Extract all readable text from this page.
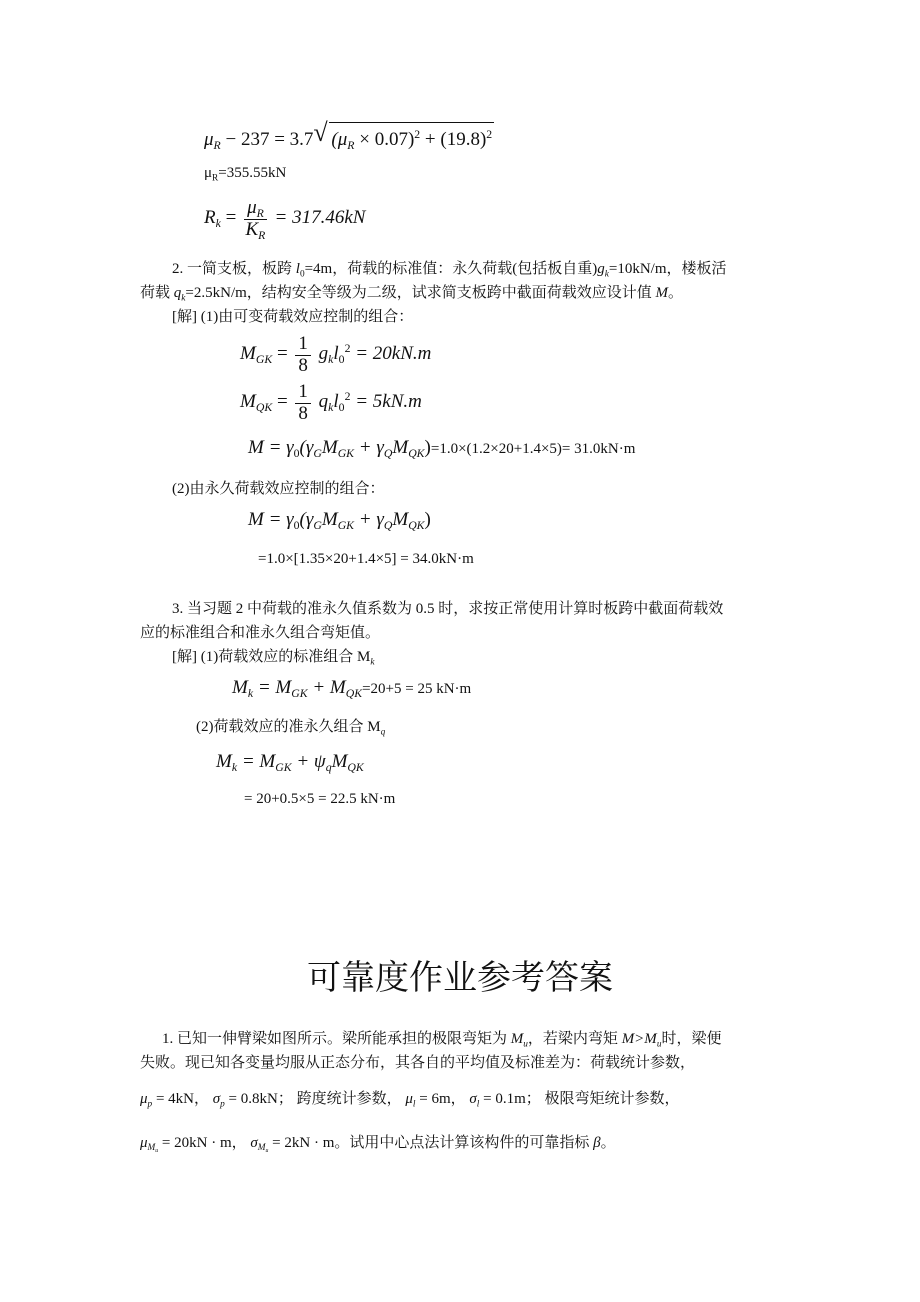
$\mu_R - 237 = 3.7$ √ $(\mu_R \times 0.07)^2 + (19.8)^2$
$\mu_R=355.55kN$
$R_k = \frac{\mu_R}{K_R} = 317.46kN$
2. 一简支板，板跨 $l_0=4m$，荷载的标准值：永久荷载(包括板自重)$g_k=10kN/m$，楼板活
荷载 $q_k=2.5kN/m$，结构安全等级为二级，试求简支板跨中截面荷载效应设计值 M。
[解] (1)由可变荷载效应控制的组合：
$M_{GK} = \frac{1}{8} g_kl_0^2 = 20kN.m$
$M_{QK} = \frac{1}{8} q_kl_0^2 = 5kN.m$
$M = \gamma_0(\gamma_GM_{GK} + \gamma_QM_{QK})=1.0\times(1.2\times 20+1.4\times 5)= 31.0kN\cdot m$
(2)由永久荷载效应控制的组合：
$M = \gamma_0(\gamma_GM_{GK} + \gamma_QM_{QK})$
=1.0×[1.35×20+1.4×5] = 34.0kN·m
3. 当习题 2 中荷载的准永久值系数为 0.5 时，求按正常使用计算时板跨中截面荷载效
应的标准组合和准永久组合弯矩值。
[解] (1)荷载效应的标准组合 $M_k$
$M_k = M_{GK} + M_{QK}=20+5 = 25$ kN·m
(2)荷载效应的准永久组合 $M_q$
$M_k = M_{GK} + \psi_qM_{QK}$
= 20+0.5×5 = 22.5 kN·m
可靠度作业参考答案
1. 已知一伸臂梁如图所示。梁所能承担的极限弯矩为 $M_u$，若梁内弯矩 $M>M_u$时，梁便
失败。现已知各变量均服从正态分布，其各自的平均值及标准差为：荷载统计参数，
$\mu_p = 4kN$， $\sigma_p = 0.8kN$； 跨度统计参数， $\mu_l = 6m$， $\sigma_l = 0.1m$； 极限弯矩统计参数，
$\mu_{M_u} = 20kN \cdot m$， $\sigma_{M_u} = 2kN \cdot m$。试用中心点法计算该构件的可靠指标 β。
